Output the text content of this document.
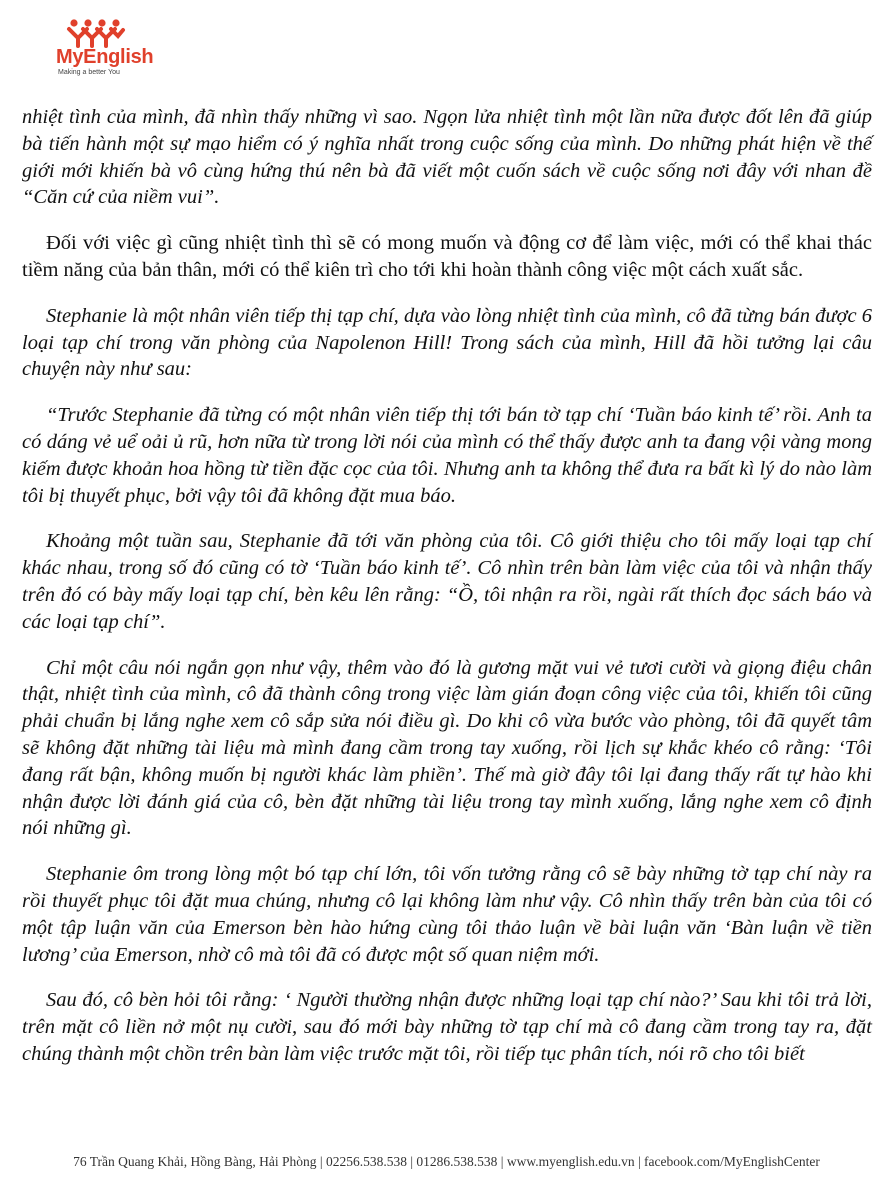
MyEnglish
Making a better You

nhiệt tình của mình, đã nhìn thấy những vì sao. Ngọn lửa nhiệt tình một lần nữa được đốt lên đã giúp bà tiến hành một sự mạo hiểm có ý nghĩa nhất trong cuộc sống của mình. Do những phát hiện về thế giới mới khiến bà vô cùng hứng thú nên bà đã viết một cuốn sách về cuộc sống nơi đây với nhan đề “Căn cứ của niềm vui”.

Đối với việc gì cũng nhiệt tình thì sẽ có mong muốn và động cơ để làm việc, mới có thể khai thác tiềm năng của bản thân, mới có thể kiên trì cho tới khi hoàn thành công việc một cách xuất sắc.

Stephanie là một nhân viên tiếp thị tạp chí, dựa vào lòng nhiệt tình của mình, cô đã từng bán được 6 loại tạp chí trong văn phòng của Napolenon Hill! Trong sách của mình, Hill đã hồi tưởng lại câu chuyện này như sau:

“Trước Stephanie đã từng có một nhân viên tiếp thị tới bán tờ tạp chí ‘Tuần báo kinh tế’ rồi. Anh ta có dáng vẻ uể oải ủ rũ, hơn nữa từ trong lời nói của mình có thể thấy được anh ta đang vội vàng mong kiếm được khoản hoa hồng từ tiền đặc cọc của tôi. Nhưng anh ta không thể đưa ra bất kì lý do nào làm tôi bị thuyết phục, bởi vậy tôi đã không đặt mua báo.

Khoảng một tuần sau, Stephanie đã tới văn phòng của tôi. Cô giới thiệu cho tôi mấy loại tạp chí khác nhau, trong số đó cũng có tờ ‘Tuần báo kinh tế’. Cô nhìn trên bàn làm việc của tôi và nhận thấy trên đó có bày mấy loại tạp chí, bèn kêu lên rằng: “Ồ, tôi nhận ra rồi, ngài rất thích đọc sách báo và các loại tạp chí”.

Chỉ một câu nói ngắn gọn như vậy, thêm vào đó là gương mặt vui vẻ tươi cười và giọng điệu chân thật, nhiệt tình của mình, cô đã thành công trong việc làm gián đoạn công việc của tôi, khiến tôi cũng phải chuẩn bị lắng nghe xem cô sắp sửa nói điều gì. Do khi cô vừa bước vào phòng, tôi đã quyết tâm sẽ không đặt những tài liệu mà mình đang cầm trong tay xuống, rồi lịch sự khắc khéo cô rằng: ‘Tôi đang rất bận, không muốn bị người khác làm phiền’. Thế mà giờ đây tôi lại đang thấy rất tự hào khi nhận được lời đánh giá của cô, bèn đặt những tài liệu trong tay mình xuống, lắng nghe xem cô định nói những gì.

Stephanie ôm trong lòng một bó tạp chí lớn, tôi vốn tưởng rằng cô sẽ bày những tờ tạp chí này ra rồi thuyết phục tôi đặt mua chúng, nhưng cô lại không làm như vậy. Cô nhìn thấy trên bàn của tôi có một tập luận văn của Emerson bèn hào hứng cùng tôi thảo luận về bài luận văn ‘Bàn luận về tiền lương’ của Emerson, nhờ cô mà tôi đã có được một số quan niệm mới.

Sau đó, cô bèn hỏi tôi rằng: ‘ Người thường nhận được những loại tạp chí nào?’ Sau khi tôi trả lời, trên mặt cô liền nở một nụ cười, sau đó mới bày những tờ tạp chí mà cô đang cầm trong tay ra, đặt chúng thành một chồn trên bàn làm việc trước mặt tôi, rồi tiếp tục phân tích, nói rõ cho tôi biết

76 Trần Quang Khải, Hồng Bàng, Hải Phòng | 02256.538.538 | 01286.538.538 | www.myenglish.edu.vn | facebook.com/MyEnglishCenter
